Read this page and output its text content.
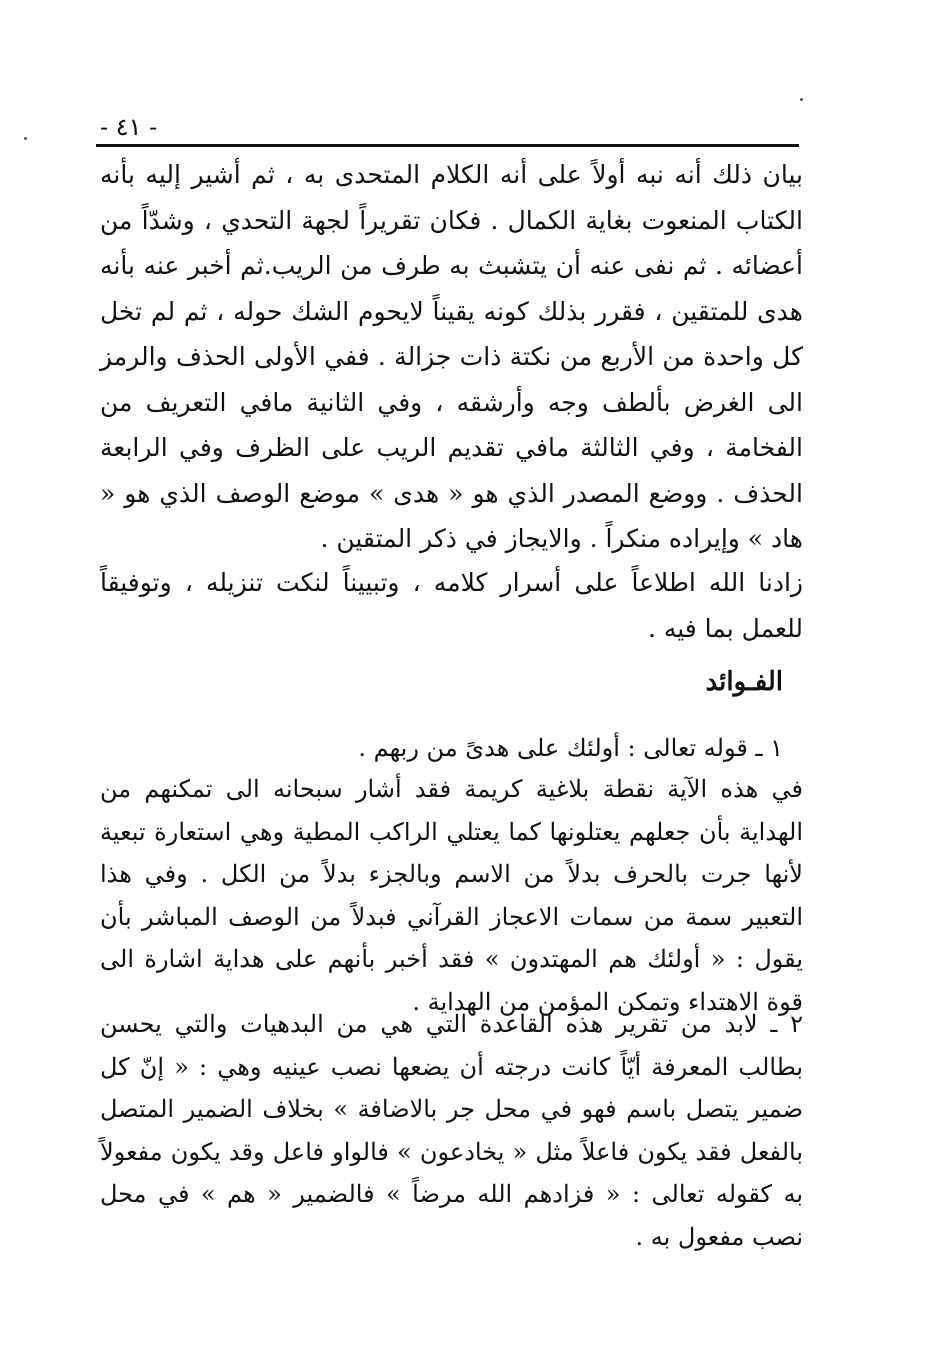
- ٤١ -

بيان ذلك أنه نبه أولاً على أنه الكلام المتحدى به ، ثم أشير إليه بأنه الكتاب المنعوت بغاية الكمال . فكان تقريراً لجهة التحدي ، وشدّاً من أعضائه . ثم نفى عنه أن يتشبث به طرف من الريب.ثم أخبر عنه بأنه هدى للمتقين ، فقرر بذلك كونه يقيناً لايحوم الشك حوله ، ثم لم تخل كل واحدة من الأربع من نكتة ذات جزالة . ففي الأولى الحذف والرمز الى الغرض بألطف وجه وأرشقه ، وفي الثانية مافي التعريف من الفخامة ، وفي الثالثة مافي تقديم الريب على الظرف وفي الرابعة الحذف . ووضع المصدر الذي هو « هدى » موضع الوصف الذي هو « هاد » وإيراده منكراً . والايجاز في ذكر المتقين .

زادنا الله اطلاعاً على أسرار كلامه ، وتبييناً لنكت تنزيله ، وتوفيقاً للعمل بما فيه .

الفـوائد
١ ـ قوله تعالى : أولئك على هدىً من ربهم .

في هذه الآية نقطة بلاغية كريمة فقد أشار سبحانه الى تمكنهم من الهداية بأن جعلهم يعتلونها كما يعتلي الراكب المطية وهي استعارة تبعية لأنها جرت بالحرف بدلاً من الاسم وبالجزء بدلاً من الكل . وفي هذا التعبير سمة من سمات الاعجاز القرآني فبدلاً من الوصف المباشر بأن يقول : « أولئك هم المهتدون » فقد أخبر بأنهم على هداية اشارة الى قوة الاهتداء وتمكن المؤمن من الهداية .

٢ ـ لابد من تقرير هذه القاعدة التي هي من البدهيات والتي يحسن بطالب المعرفة أيّاً كانت درجته أن يضعها نصب عينيه وهي : « إنّ كل ضمير يتصل باسم فهو في محل جر بالاضافة » بخلاف الضمير المتصل بالفعل فقد يكون فاعلاً مثل « يخادعون » فالواو فاعل وقد يكون مفعولاً به كقوله تعالى : « فزادهم الله مرضاً » فالضمير « هم » في محل نصب مفعول به .
